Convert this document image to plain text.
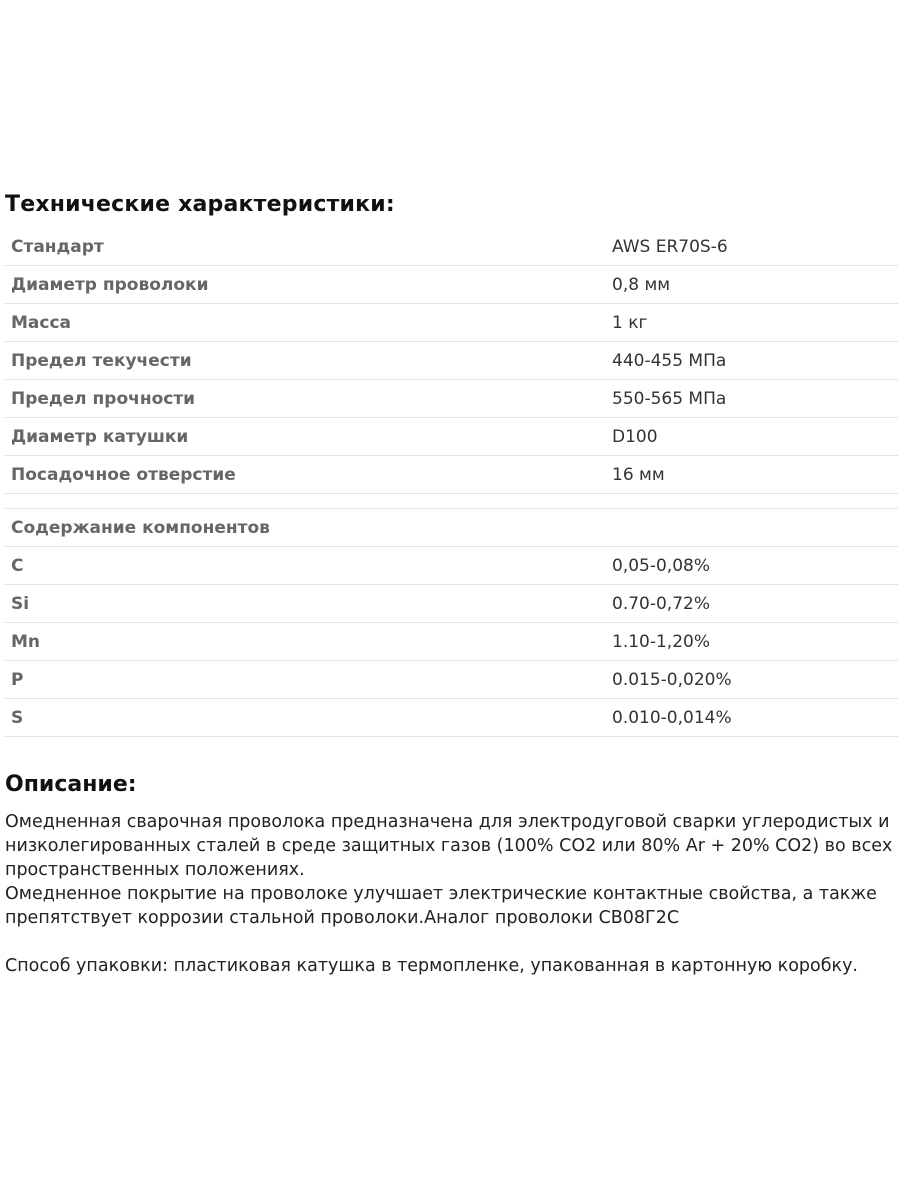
Технические характеристики:
Стандарт	AWS ER70S-6
Диаметр проволоки	0,8 мм
Масса	1 кг
Предел текучести	440-455 МПа
Предел прочности	550-565 МПа
Диаметр катушки	D100
Посадочное отверстие	16 мм

Содержание компонентов	
C	0,05-0,08%
Si	0.70-0,72%
Mn	1.10-1,20%
P	0.015-0,020%
S	0.010-0,014%
Описание:

Омедненная сварочная проволока предназначена для электродуговой сварки углеродистых и низколегированных сталей в среде защитных газов (100% CO2 или 80% Ar + 20% CO2) во всех пространственных положениях.

Омедненное покрытие на проволоке улучшает электрические контактные свойства, а также препятствует коррозии стальной проволоки.Аналог проволоки СВ08Г2С

Способ упаковки: пластиковая катушка в термопленке, упакованная в картонную коробку.
